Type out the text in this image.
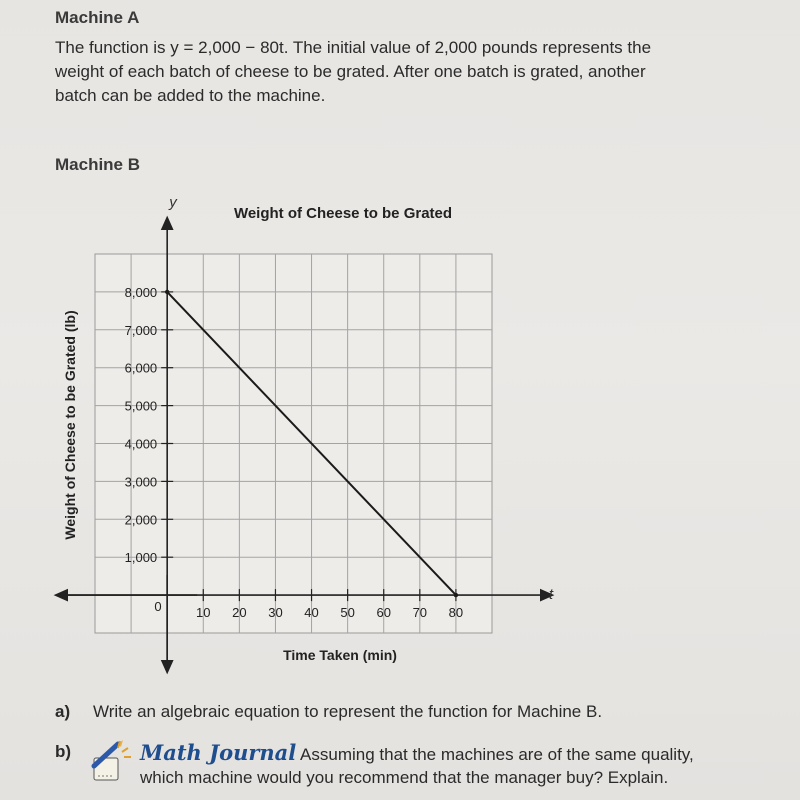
Machine A

The function is y = 2,000 − 80t. The initial value of 2,000 pounds represents the

weight of each batch of cheese to be grated. After one batch is grated, another

batch can be added to the machine.

Machine B
10 20 30 40 50 60 70 80
1,000
2,000
3,000
4,000
5,000
6,000
7,000
8,000
Weight of Cheese to be Grated
Time Taken (min)
Weight of Cheese to be Grated (lb)
y
t
0
a) Write an algebraic equation to represent the function for Machine B.
b)	Math Journal Assuming that the machines are of the same quality,
which machine would you recommend that the manager buy? Explain.
